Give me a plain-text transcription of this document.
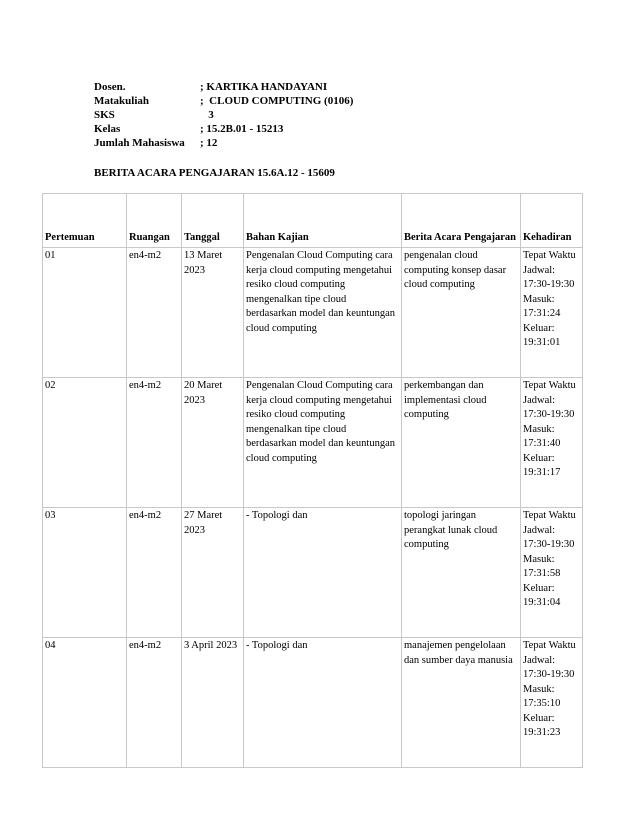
Dosen.	; KARTIKA HANDAYANI
Matakuliah	;  CLOUD COMPUTING (0106)
SKS	3
Kelas	; 15.2B.01 - 15213
Jumlah Mahasiswa	; 12
BERITA ACARA PENGAJARAN 15.6A.12 - 15609
Pertemuan	Ruangan	Tanggal	Bahan Kajian	Berita Acara Pengajaran	Kehadiran
01	en4-m2	13 Maret 2023	Pengenalan Cloud Computing cara kerja cloud computing mengetahui resiko cloud computing mengenalkan tipe cloud berdasarkan model dan keuntungan cloud computing	pengenalan cloud computing konsep dasar cloud computing	Tepat Waktu Jadwal: 17:30-19:30 Masuk: 17:31:24 Keluar: 19:31:01
02	en4-m2	20 Maret 2023	Pengenalan Cloud Computing cara kerja cloud computing mengetahui resiko cloud computing mengenalkan tipe cloud berdasarkan model dan keuntungan cloud computing	perkembangan dan implementasi cloud computing	Tepat Waktu Jadwal: 17:30-19:30 Masuk: 17:31:40 Keluar: 19:31:17
03	en4-m2	27 Maret 2023	- Topologi dan	topologi jaringan perangkat lunak cloud computing	Tepat Waktu Jadwal: 17:30-19:30 Masuk: 17:31:58 Keluar: 19:31:04
04	en4-m2	3 April 2023	- Topologi dan	manajemen pengelolaan dan sumber daya manusia	Tepat Waktu Jadwal: 17:30-19:30 Masuk: 17:35:10 Keluar: 19:31:23
